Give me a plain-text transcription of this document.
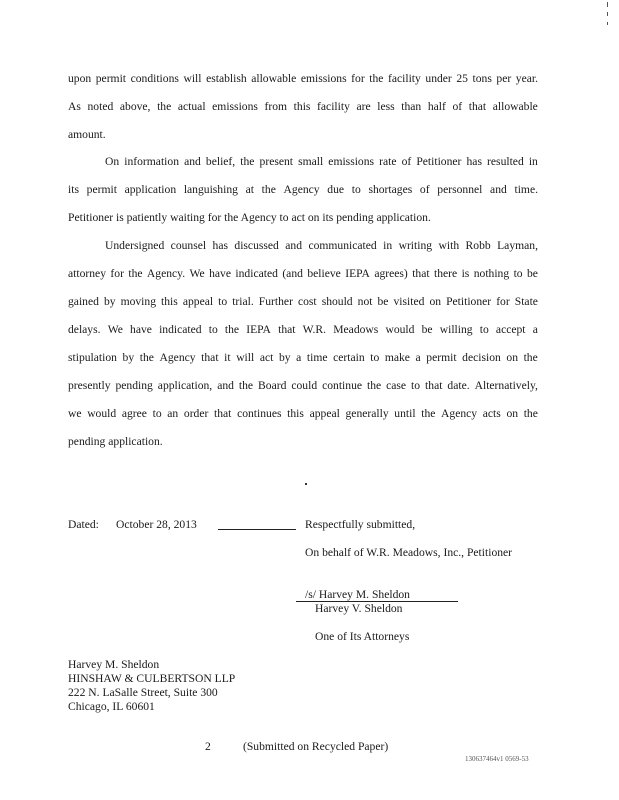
upon permit conditions will establish allowable emissions for the facility under 25 tons per year.
As noted above, the actual emissions from this facility are less than half of that allowable
amount.
On information and belief, the present small emissions rate of Petitioner has resulted in
its permit application languishing at the Agency due to shortages of personnel and time.
Petitioner is patiently waiting for the Agency to act on its pending application.
Undersigned counsel has discussed and communicated in writing with Robb Layman,
attorney for the Agency. We have indicated (and believe IEPA agrees) that there is nothing to be
gained by moving this appeal to trial. Further cost should not be visited on Petitioner for State
delays. We have indicated to the IEPA that W.R. Meadows would be willing to accept a
stipulation by the Agency that it will act by a time certain to make a permit decision on the
presently pending application, and the Board could continue the case to that date. Alternatively,
we would agree to an order that continues this appeal generally until the Agency acts on the
pending application.
Dated: October 28, 2013	Respectfully submitted,
On behalf of W.R. Meadows, Inc., Petitioner
/s/ Harvey M. Sheldon
Harvey V. Sheldon
One of Its Attorneys
Harvey M. Sheldon
HINSHAW & CULBERTSON LLP
222 N. LaSalle Street, Suite 300
Chicago, IL 60601
2	(Submitted on Recycled Paper)
130637464v1 0569-53
